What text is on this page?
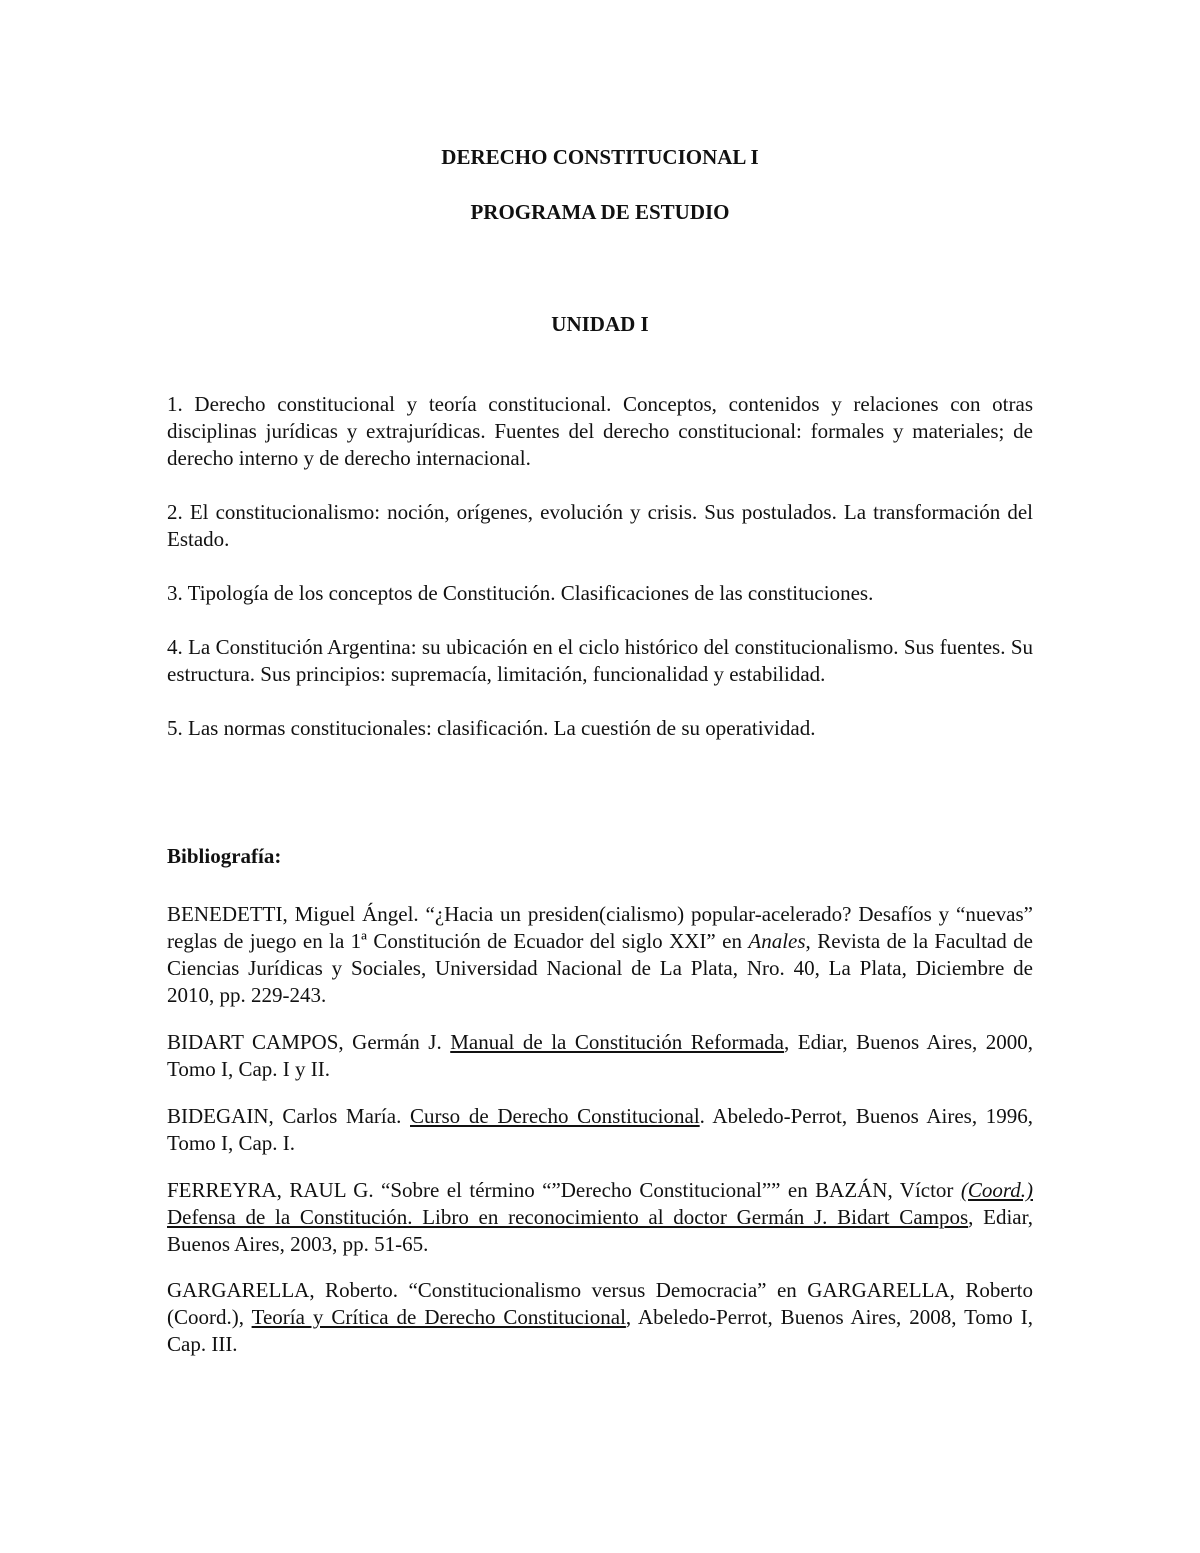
DERECHO CONSTITUCIONAL I

PROGRAMA DE ESTUDIO

UNIDAD I

1. Derecho constitucional y teoría constitucional. Conceptos, contenidos y relaciones con otras disciplinas jurídicas y extrajurídicas. Fuentes del derecho constitucional: formales y materiales; de derecho interno y de derecho internacional.

2. El constitucionalismo: noción, orígenes, evolución y crisis. Sus postulados. La transformación del Estado.

3. Tipología de los conceptos de Constitución. Clasificaciones de las constituciones.

4. La Constitución Argentina: su ubicación en el ciclo histórico del constitucionalismo. Sus fuentes. Su estructura. Sus principios: supremacía, limitación, funcionalidad y estabilidad.

5. Las normas constitucionales: clasificación. La cuestión de su operatividad.

Bibliografía:

BENEDETTI, Miguel Ángel. “¿Hacia un presiden(cialismo) popular-acelerado? Desafíos y “nuevas” reglas de juego en la 1ª Constitución de Ecuador del siglo XXI” en Anales, Revista de la Facultad de Ciencias Jurídicas y Sociales, Universidad Nacional de La Plata, Nro. 40, La Plata, Diciembre de 2010, pp. 229-243.

BIDART CAMPOS, Germán J. Manual de la Constitución Reformada, Ediar, Buenos Aires, 2000, Tomo I, Cap. I y II.

BIDEGAIN, Carlos María. Curso de Derecho Constitucional. Abeledo-Perrot, Buenos Aires, 1996, Tomo I, Cap. I.

FERREYRA, RAUL G. “Sobre el término “”Derecho Constitucional”” en BAZÁN, Víctor (Coord.) Defensa de la Constitución. Libro en reconocimiento al doctor Germán J. Bidart Campos, Ediar, Buenos Aires, 2003, pp. 51-65.

GARGARELLA, Roberto. “Constitucionalismo versus Democracia” en GARGARELLA, Roberto (Coord.), Teoría y Crítica de Derecho Constitucional, Abeledo-Perrot, Buenos Aires, 2008, Tomo I, Cap. III.
